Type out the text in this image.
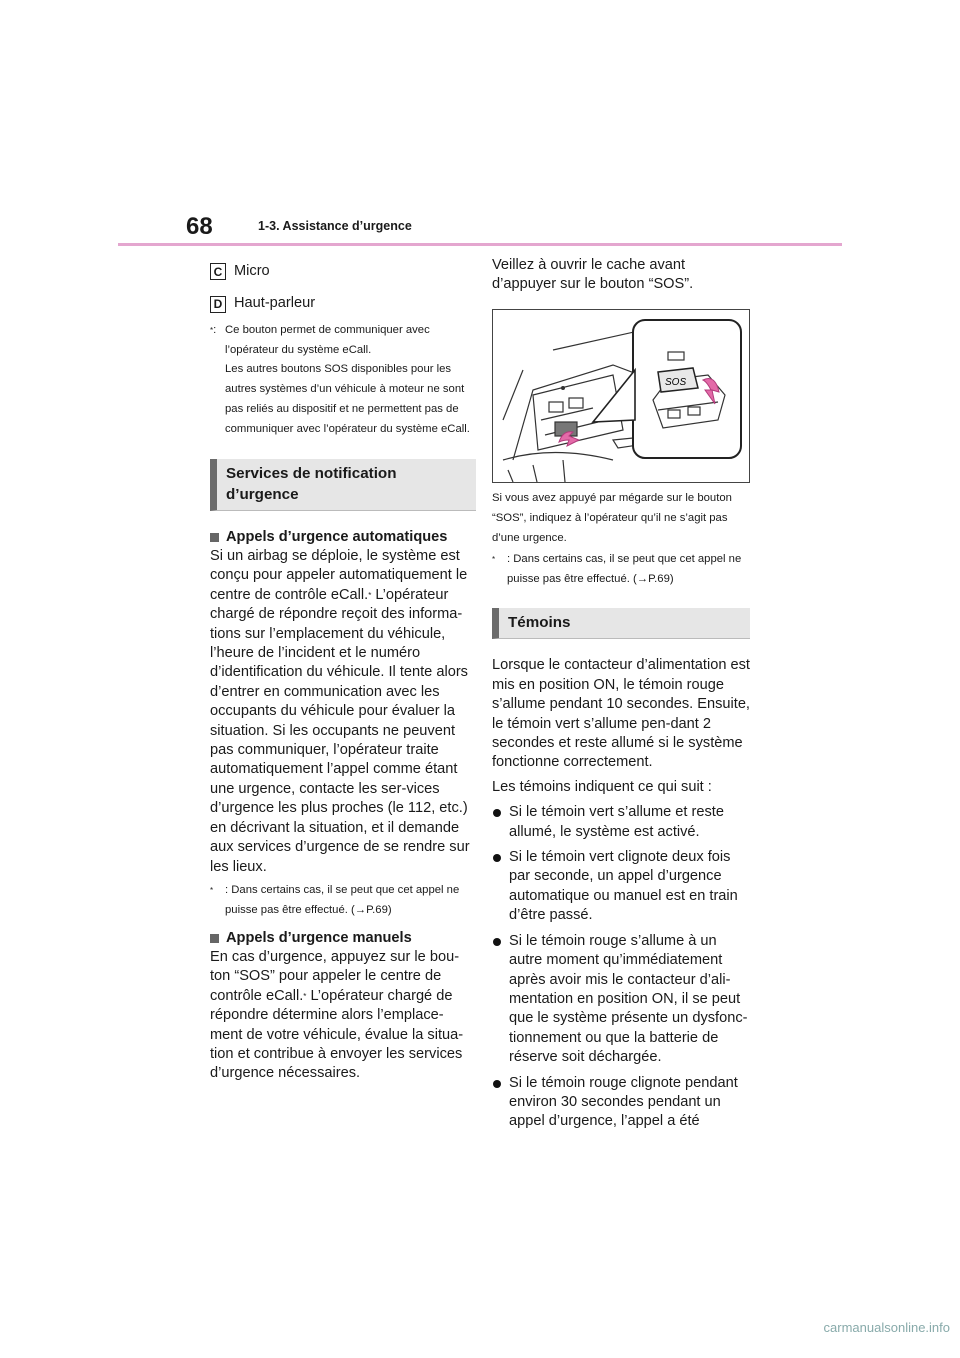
68	1-3. Assistance d’urgence
C Micro
D Haut-parleur
*: Ce bouton permet de communiquer avec l’opérateur du système eCall.
Les autres boutons SOS disponibles pour les autres systèmes d’un véhicule à moteur ne sont pas reliés au dispositif et ne permettent pas de communiquer avec l’opérateur du système eCall.
Services de notification d’urgence
Appels d’urgence automatiques

Si un airbag se déploie, le système est conçu pour appeler automatiquement le centre de contrôle eCall.* L’opérateur chargé de répondre reçoit des informa-tions sur l’emplacement du véhicule, l’heure de l’incident et le numéro d’identification du véhicule. Il tente alors d’entrer en communication avec les occupants du véhicule pour évaluer la situation. Si les occupants ne peuvent pas communiquer, l’opérateur traite automatiquement l’appel comme étant une urgence, contacte les ser-vices d’urgence les plus proches (le 112, etc.) en décrivant la situation, et il demande aux services d’urgence de se rendre sur les lieux.

* : Dans certains cas, il se peut que cet appel ne puisse pas être effectué. (→P.69)
Appels d’urgence manuels

En cas d’urgence, appuyez sur le bou-ton “SOS” pour appeler le centre de contrôle eCall.* L’opérateur chargé de répondre détermine alors l’emplace-ment de votre véhicule, évalue la situa-tion et contribue à envoyer les services d’urgence nécessaires.

Veillez à ouvrir le cache avant d’appuyer sur le bouton “SOS”.

SOS

Si vous avez appuyé par mégarde sur le bouton “SOS”, indiquez à l’opérateur qu’il ne s’agit pas d’une urgence.

* : Dans certains cas, il se peut que cet appel ne puisse pas être effectué. (→P.69)
Témoins

Lorsque le contacteur d’alimentation est mis en position ON, le témoin rouge s’allume pendant 10 secondes. Ensuite, le témoin vert s’allume pen-dant 2 secondes et reste allumé si le système fonctionne correctement.

Les témoins indiquent ce qui suit :

Si le témoin vert s’allume et reste allumé, le système est activé.
Si le témoin vert clignote deux fois par seconde, un appel d’urgence automatique ou manuel est en train d’être passé.
Si le témoin rouge s’allume à un autre moment qu’immédiatement après avoir mis le contacteur d’ali-mentation en position ON, il se peut que le système présente un dysfonc-tionnement ou que la batterie de réserve soit déchargée.
Si le témoin rouge clignote pendant environ 30 secondes pendant un appel d’urgence, l’appel a été
carmanualsonline.info
